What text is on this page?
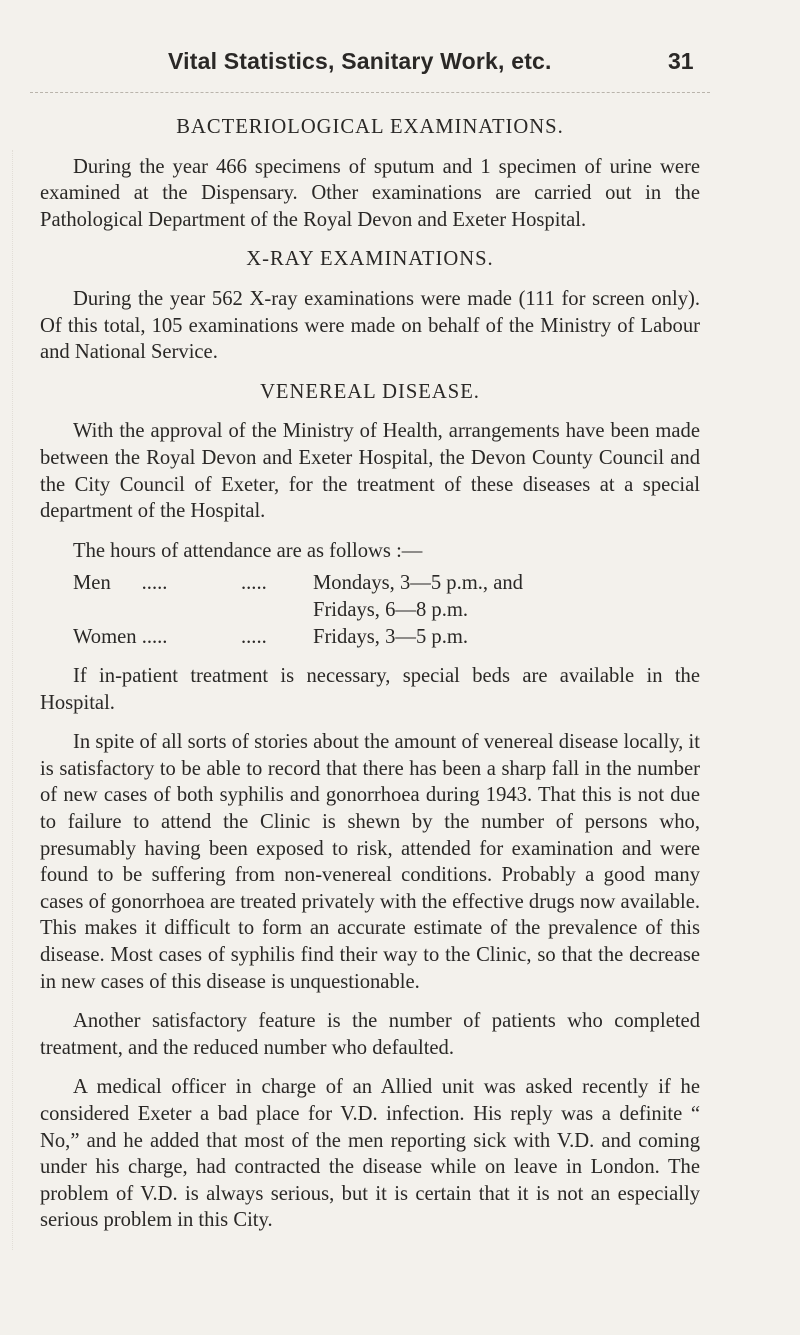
Vital Statistics, Sanitary Work, etc.	31
BACTERIOLOGICAL EXAMINATIONS.

During the year 466 specimens of sputum and 1 specimen of urine were examined at the Dispensary. Other examinations are carried out in the Pathological Department of the Royal Devon and Exeter Hospital.

X-RAY EXAMINATIONS.

During the year 562 X-ray examinations were made (111 for screen only). Of this total, 105 examinations were made on behalf of the Ministry of Labour and National Service.

VENEREAL DISEASE.

With the approval of the Ministry of Health, arrangements have been made between the Royal Devon and Exeter Hospital, the Devon County Council and the City Council of Exeter, for the treatment of these diseases at a special department of the Hospital.

The hours of attendance are as follows :—

Men .....	.....	Mondays, 3—5 p.m., and
Fridays, 6—8 p.m.
Women .....	.....	Fridays, 3—5 p.m.

If in-patient treatment is necessary, special beds are available in the Hospital.

In spite of all sorts of stories about the amount of venereal disease locally, it is satisfactory to be able to record that there has been a sharp fall in the number of new cases of both syphilis and gonorrhoea during 1943. That this is not due to failure to attend the Clinic is shewn by the number of persons who, presumably having been exposed to risk, attended for examination and were found to be suffering from non-venereal conditions. Probably a good many cases of gonorrhoea are treated privately with the effective drugs now available. This makes it difficult to form an accurate estimate of the prevalence of this disease. Most cases of syphilis find their way to the Clinic, so that the decrease in new cases of this disease is unquestionable.

Another satisfactory feature is the number of patients who completed treatment, and the reduced number who defaulted.

A medical officer in charge of an Allied unit was asked recently if he considered Exeter a bad place for V.D. infection. His reply was a definite “ No,” and he added that most of the men reporting sick with V.D. and coming under his charge, had contracted the disease while on leave in London. The problem of V.D. is always serious, but it is certain that it is not an especially serious problem in this City.
